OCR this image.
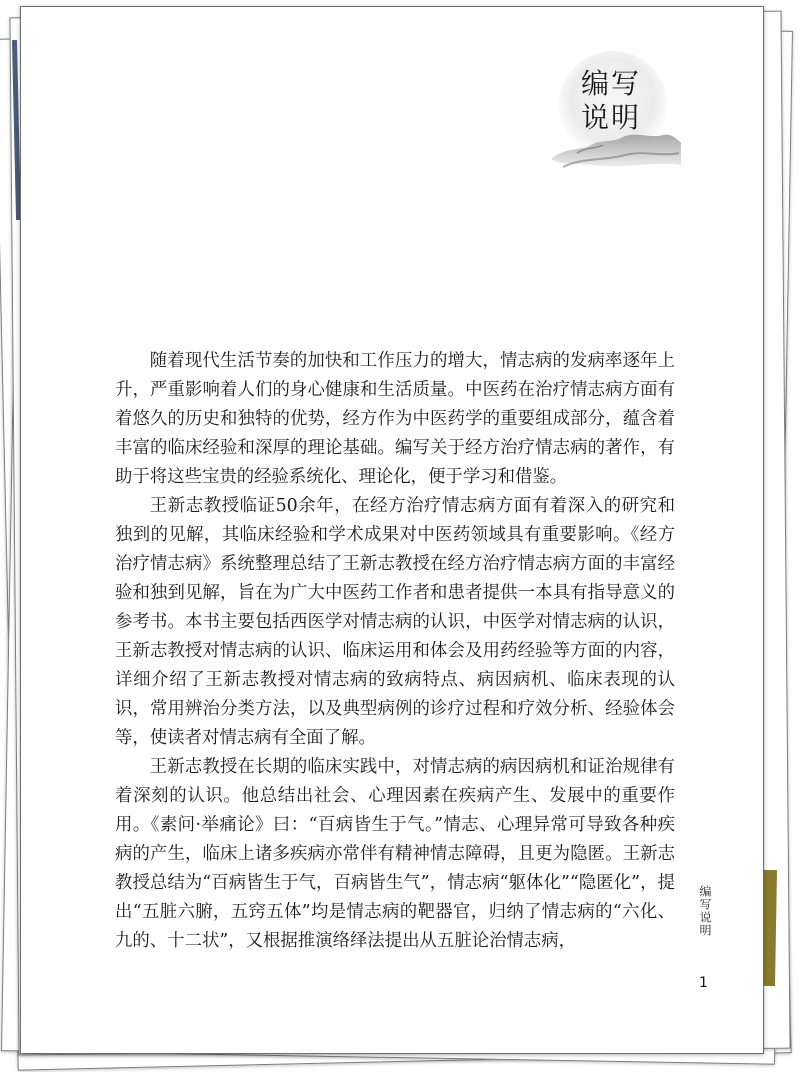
编写
说明

随着现代生活节奏的加快和工作压力的增大，情志病的发病率逐年上升，严重影响着人们的身心健康和生活质量。中医药在治疗情志病方面有着悠久的历史和独特的优势，经方作为中医药学的重要组成部分，蕴含着丰富的临床经验和深厚的理论基础。编写关于经方治疗情志病的著作，有助于将这些宝贵的经验系统化、理论化，便于学习和借鉴。

王新志教授临证50余年，在经方治疗情志病方面有着深入的研究和独到的见解，其临床经验和学术成果对中医药领域具有重要影响。《经方治疗情志病》系统整理总结了王新志教授在经方治疗情志病方面的丰富经验和独到见解，旨在为广大中医药工作者和患者提供一本具有指导意义的参考书。本书主要包括西医学对情志病的认识，中医学对情志病的认识，王新志教授对情志病的认识、临床运用和体会及用药经验等方面的内容，详细介绍了王新志教授对情志病的致病特点、病因病机、临床表现的认识，常用辨治分类方法，以及典型病例的诊疗过程和疗效分析、经验体会等，使读者对情志病有全面了解。

王新志教授在长期的临床实践中，对情志病的病因病机和证治规律有着深刻的认识。他总结出社会、心理因素在疾病产生、发展中的重要作用。《素问·举痛论》曰：“百病皆生于气。”情志、心理异常可导致各种疾病的产生，临床上诸多疾病亦常伴有精神情志障碍，且更为隐匿。王新志教授总结为“百病皆生于气，百病皆生气”，情志病“躯体化”“隐匿化”，提出“五脏六腑，五窍五体”均是情志病的靶器官，归纳了情志病的“六化、九的、十二状”，又根据推演络绎法提出从五脏论治情志病，

编写说明
1
